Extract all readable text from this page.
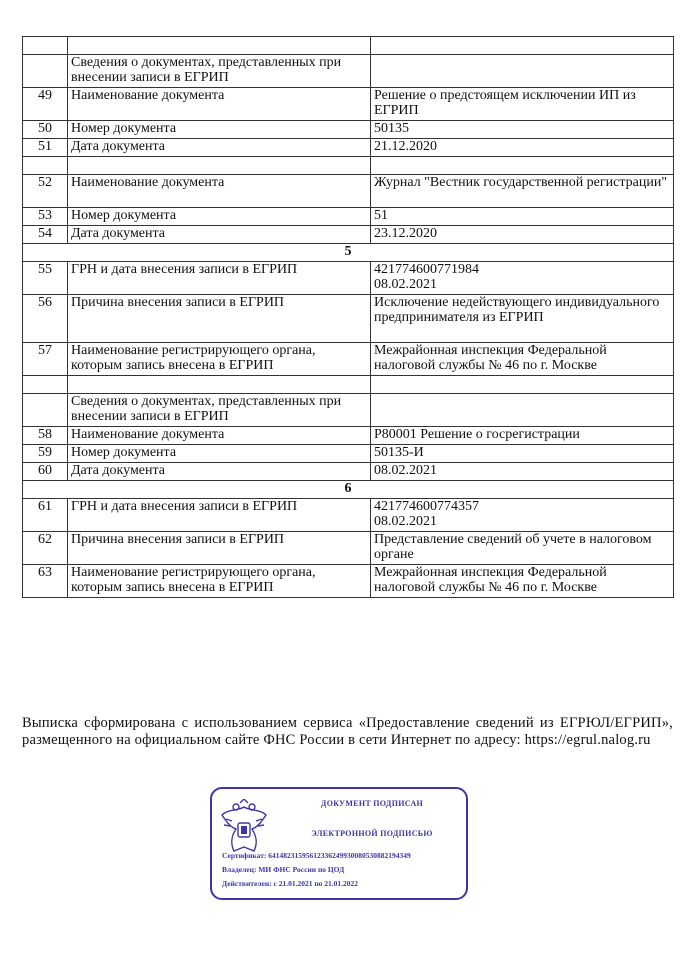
	Сведения о документах, представленных при внесении записи в ЕГРИП	
49	Наименование документа	Решение о предстоящем исключении ИП из ЕГРИП
50	Номер документа	50135
51	Дата документа	21.12.2020

52	Наименование документа	Журнал "Вестник государственной регистрации"
53	Номер документа	51
54	Дата документа	23.12.2020
5		
55	ГРН и дата внесения записи в ЕГРИП	421774600771984
08.02.2021
56	Причина внесения записи в ЕГРИП	Исключение недействующего индивидуального предпринимателя из ЕГРИП
57	Наименование регистрирующего органа, которым запись внесена в ЕГРИП	Межрайонная инспекция Федеральной налоговой службы № 46 по г. Москве

	Сведения о документах, представленных при внесении записи в ЕГРИП	
58	Наименование документа	Р80001 Решение о госрегистрации
59	Номер документа	50135-И
60	Дата документа	08.02.2021
6		
61	ГРН и дата внесения записи в ЕГРИП	421774600774357
08.02.2021
62	Причина внесения записи в ЕГРИП	Представление сведений об учете в налоговом органе
63	Наименование регистрирующего органа, которым запись внесена в ЕГРИП	Межрайонная инспекция Федеральной налоговой службы № 46 по г. Москве
Выписка сформирована с использованием сервиса «Предоставление сведений из ЕГРЮЛ/ЕГРИП», размещенного на официальном сайте ФНС России в сети Интернет по адресу: https://egrul.nalog.ru
ДОКУМЕНТ ПОДПИСАН
ЭЛЕКТРОННОЙ ПОДПИСЬЮ
Сертификат: 64148231595612336249930080530882194349
Владелец: МИ ФНС России по ЦОД
Действителен: с 21.01.2021 по 21.01.2022
